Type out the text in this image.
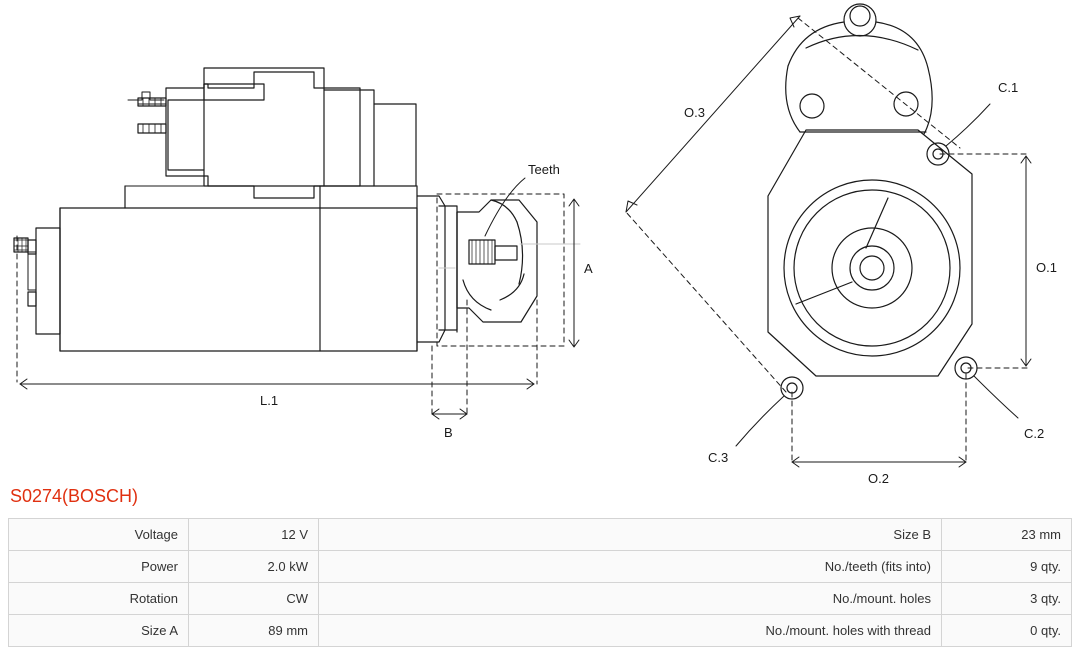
Teeth
A
B
L.1
O.1
O.2
O.3
C.1
C.2
C.3
S0274(BOSCH)
Voltage	12 V	Size B	23 mm
Power	2.0 kW	No./teeth (fits into)	9 qty.
Rotation	CW	No./mount. holes	3 qty.
Size A	89 mm	No./mount. holes with thread	0 qty.
